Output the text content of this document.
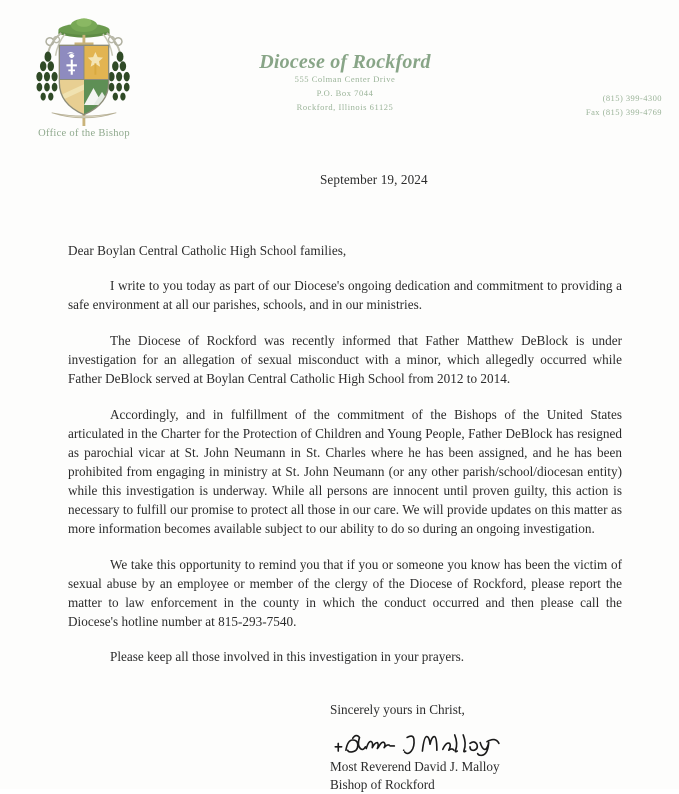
Office of the Bishop
Diocese of Rockford
555 Colman Center Drive
P.O. Box 7044
Rockford, Illinois 61125
(815) 399-4300
Fax (815) 399-4769
September 19, 2024
Dear Boylan Central Catholic High School families,

I write to you today as part of our Diocese's ongoing dedication and commitment to providing a safe environment at all our parishes, schools, and in our ministries.

The Diocese of Rockford was recently informed that Father Matthew DeBlock is under investigation for an allegation of sexual misconduct with a minor, which allegedly occurred while Father DeBlock served at Boylan Central Catholic High School from 2012 to 2014.

Accordingly, and in fulfillment of the commitment of the Bishops of the United States articulated in the Charter for the Protection of Children and Young People, Father DeBlock has resigned as parochial vicar at St. John Neumann in St. Charles where he has been assigned, and he has been prohibited from engaging in ministry at St. John Neumann (or any other parish/school/diocesan entity) while this investigation is underway. While all persons are innocent until proven guilty, this action is necessary to fulfill our promise to protect all those in our care. We will provide updates on this matter as more information becomes available subject to our ability to do so during an ongoing investigation.

We take this opportunity to remind you that if you or someone you know has been the victim of sexual abuse by an employee or member of the clergy of the Diocese of Rockford, please report the matter to law enforcement in the county in which the conduct occurred and then please call the Diocese's hotline number at 815-293-7540.

Please keep all those involved in this investigation in your prayers.

Sincerely yours in Christ,
Most Reverend David J. Malloy
Bishop of Rockford
